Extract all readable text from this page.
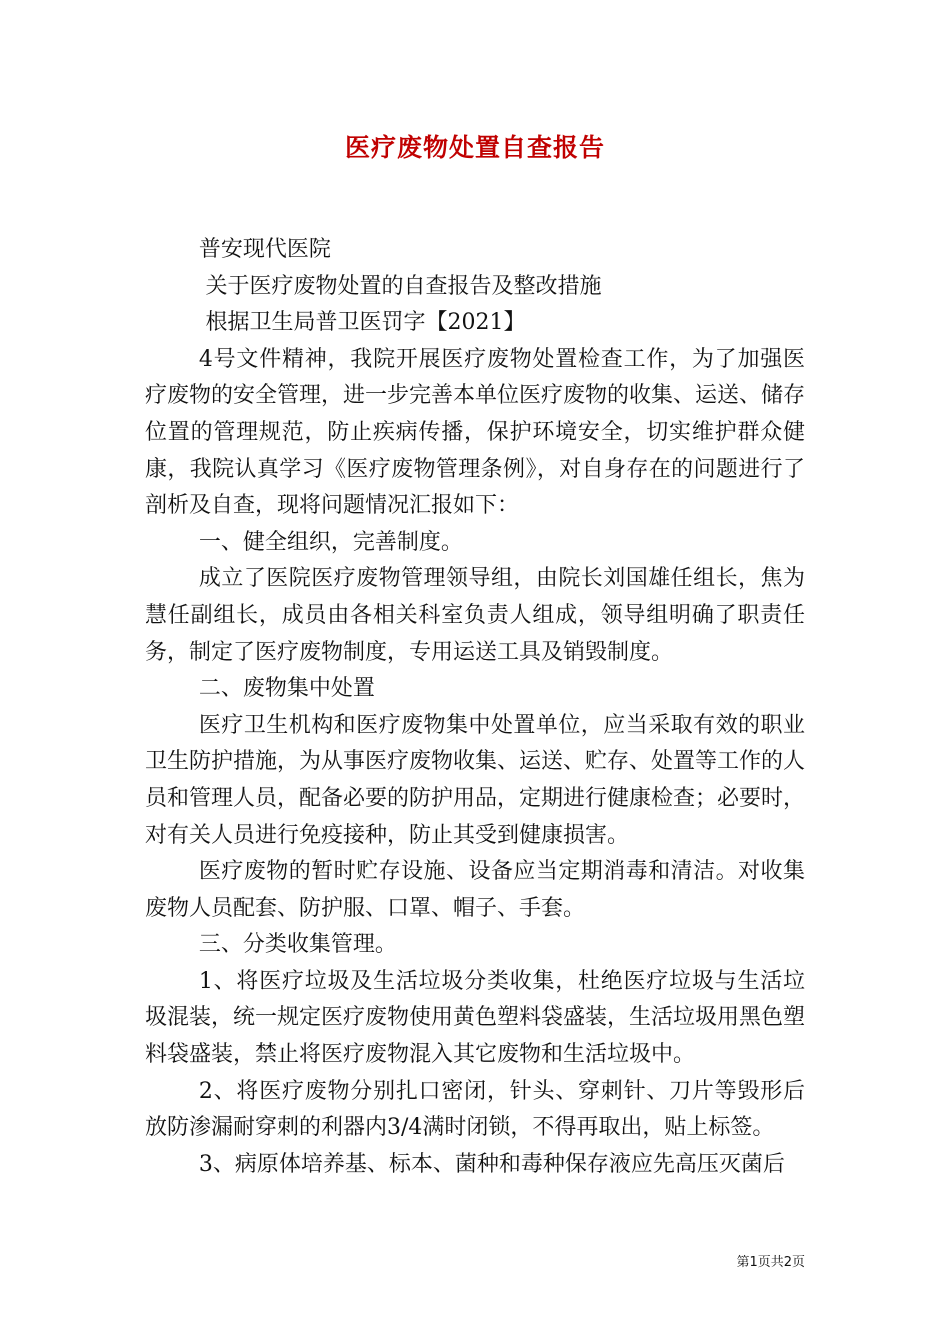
医疗废物处置自查报告

普安现代医院

关于医疗废物处置的自查报告及整改措施

根据卫生局普卫医罚字【2021】

4号文件精神，我院开展医疗废物处置检查工作，为了加强医疗废物的安全管理，进一步完善本单位医疗废物的收集、运送、储存位置的管理规范，防止疾病传播，保护环境安全，切实维护群众健康，我院认真学习《医疗废物管理条例》，对自身存在的问题进行了剖析及自查，现将问题情况汇报如下：

一、健全组织，完善制度。

成立了医院医疗废物管理领导组，由院长刘国雄任组长，焦为慧任副组长，成员由各相关科室负责人组成，领导组明确了职责任务，制定了医疗废物制度，专用运送工具及销毁制度。

二、废物集中处置

医疗卫生机构和医疗废物集中处置单位，应当采取有效的职业卫生防护措施，为从事医疗废物收集、运送、贮存、处置等工作的人员和管理人员，配备必要的防护用品，定期进行健康检查；必要时，对有关人员进行免疫接种，防止其受到健康损害。

医疗废物的暂时贮存设施、设备应当定期消毒和清洁。对收集废物人员配套、防护服、口罩、帽子、手套。

三、分类收集管理。

1、将医疗垃圾及生活垃圾分类收集，杜绝医疗垃圾与生活垃圾混装，统一规定医疗废物使用黄色塑料袋盛装，生活垃圾用黑色塑料袋盛装，禁止将医疗废物混入其它废物和生活垃圾中。

2、将医疗废物分别扎口密闭，针头、穿刺针、刀片等毁形后放防渗漏耐穿刺的利器内3/4满时闭锁，不得再取出，贴上标签。

3、病原体培养基、标本、菌种和毒种保存液应先高压灭菌后

第1页共2页
